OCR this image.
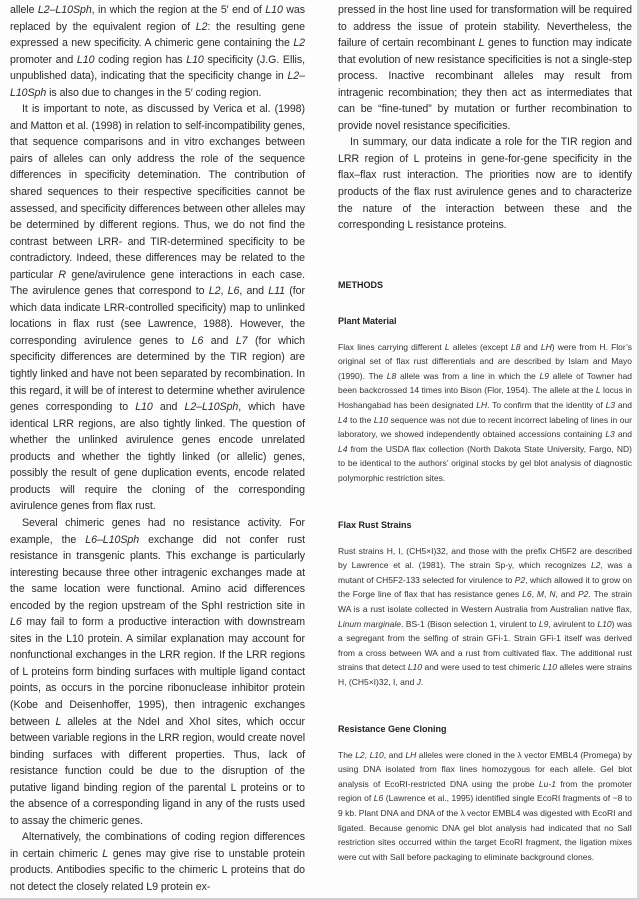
allele L2–L10Sph, in which the region at the 5′ end of L10 was replaced by the equivalent region of L2: the resulting gene expressed a new specificity. A chimeric gene containing the L2 promoter and L10 coding region has L10 specificity (J.G. Ellis, unpublished data), indicating that the specificity change in L2–L10Sph is also due to changes in the 5′ coding region.

It is important to note, as discussed by Verica et al. (1998) and Matton et al. (1998) in relation to self-incompatibility genes, that sequence comparisons and in vitro exchanges between pairs of alleles can only address the role of the sequence differences in specificity detemination. The contribution of shared sequences to their respective specificities cannot be assessed, and specificity differences between other alleles may be determined by different regions. Thus, we do not find the contrast between LRR- and TIR-determined specificity to be contradictory. Indeed, these differences may be related to the particular R gene/avirulence gene interactions in each case. The avirulence genes that correspond to L2, L6, and L11 (for which data indicate LRR-controlled specificity) map to unlinked locations in flax rust (see Lawrence, 1988). However, the corresponding avirulence genes to L6 and L7 (for which specificity differences are determined by the TIR region) are tightly linked and have not been separated by recombination. In this regard, it will be of interest to determine whether avirulence genes corresponding to L10 and L2–L10Sph, which have identical LRR regions, are also tightly linked. The question of whether the unlinked avirulence genes encode unrelated products and whether the tightly linked (or allelic) genes, possibly the result of gene duplication events, encode related products will require the cloning of the corresponding avirulence genes from flax rust.

Several chimeric genes had no resistance activity. For example, the L6–L10Sph exchange did not confer rust resistance in transgenic plants. This exchange is particularly interesting because three other intragenic exchanges made at the same location were functional. Amino acid differences encoded by the region upstream of the SphI restriction site in L6 may fail to form a productive interaction with downstream sites in the L10 protein. A similar explanation may account for nonfunctional exchanges in the LRR region. If the LRR regions of L proteins form binding surfaces with multiple ligand contact points, as occurs in the porcine ribonuclease inhibitor protein (Kobe and Deisenhoffer, 1995), then intragenic exchanges between L alleles at the NdeI and XhoI sites, which occur between variable regions in the LRR region, would create novel binding surfaces with different properties. Thus, lack of resistance function could be due to the disruption of the putative ligand binding region of the parental L proteins or to the absence of a corresponding ligand in any of the rusts used to assay the chimeric genes.

Alternatively, the combinations of coding region differences in certain chimeric L genes may give rise to unstable protein products. Antibodies specific to the chimeric L proteins that do not detect the closely related L9 protein ex-

pressed in the host line used for transformation will be required to address the issue of protein stability. Nevertheless, the failure of certain recombinant L genes to function may indicate that evolution of new resistance specificities is not a single-step process. Inactive recombinant alleles may result from intragenic recombination; they then act as intermediates that can be “fine-tuned” by mutation or further recombination to provide novel resistance specificities.

In summary, our data indicate a role for the TIR region and LRR region of L proteins in gene-for-gene specificity in the flax–flax rust interaction. The priorities now are to identify products of the flax rust avirulence genes and to characterize the nature of the interaction between these and the corresponding L resistance proteins.

METHODS
Plant Material

Flax lines carrying different L alleles (except L8 and LH) were from H. Flor’s original set of flax rust differentials and are described by Islam and Mayo (1990). The L8 allele was from a line in which the L9 allele of Towner had been backcrossed 14 times into Bison (Flor, 1954). The allele at the L locus in Hoshangabad has been designated LH. To confirm that the identity of L3 and L4 to the L10 sequence was not due to recent incorrect labeling of lines in our laboratory, we showed independently obtained accessions containing L3 and L4 from the USDA flax collection (North Dakota State University, Fargo, ND) to be identical to the authors’ original stocks by gel blot analysis of diagnostic polymorphic restriction sites.

Flax Rust Strains

Rust strains H, I, (CH5×I)32, and those with the prefix CH5F2 are described by Lawrence et al. (1981). The strain Sp-y, which recognizes L2, was a mutant of CH5F2-133 selected for virulence to P2, which allowed it to grow on the Forge line of flax that has resistance genes L6, M, N, and P2. The strain WA is a rust isolate collected in Western Australia from Australian native flax, Linum marginale. BS-1 (Bison selection 1, virulent to L9, avirulent to L10) was a segregant from the selfing of strain GFi-1. Strain GFi-1 itself was derived from a cross between WA and a rust from cultivated flax. The additional rust strains that detect L10 and were used to test chimeric L10 alleles were strains H, (CH5×I)32, I, and J.

Resistance Gene Cloning

The L2, L10, and LH alleles were cloned in the λ vector EMBL4 (Promega) by using DNA isolated from flax lines homozygous for each allele. Gel blot analysis of EcoRI-restricted DNA using the probe Lu-1 from the promoter region of L6 (Lawrence et al., 1995) identified single EcoRI fragments of ~8 to 9 kb. Plant DNA and DNA of the λ vector EMBL4 was digested with EcoRI and ligated. Because genomic DNA gel blot analysis had indicated that no SalI restriction sites occurred within the target EcoRI fragment, the ligation mixes were cut with SalI before packaging to eliminate background clones.
